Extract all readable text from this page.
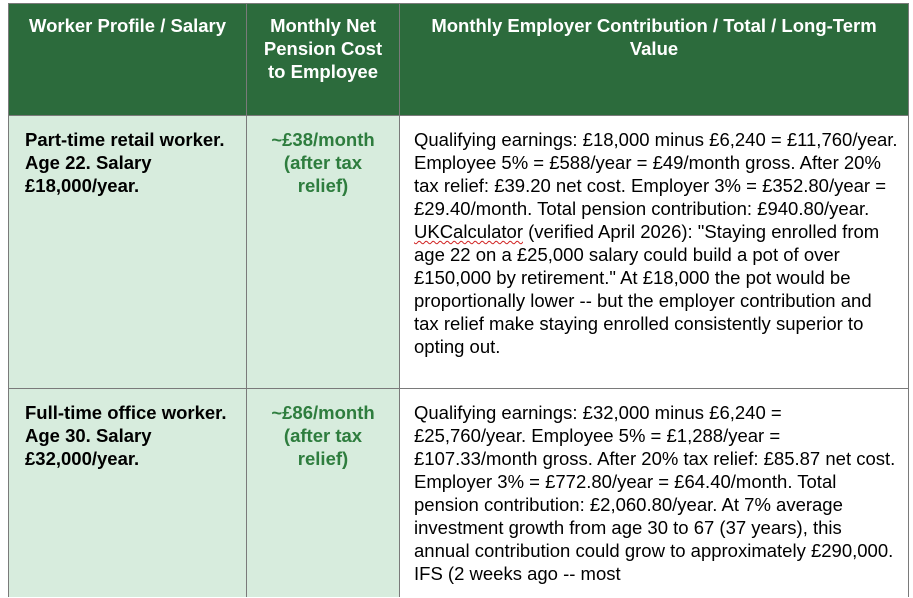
Worker Profile / Salary	Monthly Net Pension Cost to Employee	Monthly Employer Contribution / Total / Long-Term Value

Part-time retail worker. Age 22. Salary £18,000/year.	~£38/month (after tax relief)	Qualifying earnings: £18,000 minus £6,240 = £11,760/year. Employee 5% = £588/year = £49/month gross. After 20% tax relief: £39.20 net cost. Employer 3% = £352.80/year = £29.40/month. Total pension contribution: £940.80/year. UKCalculator (verified April 2026): "Staying enrolled from age 22 on a £25,000 salary could build a pot of over £150,000 by retirement." At £18,000 the pot would be proportionally lower -- but the employer contribution and tax relief make staying enrolled consistently superior to opting out.
Full-time office worker. Age 30. Salary £32,000/year.	~£86/month (after tax relief)	Qualifying earnings: £32,000 minus £6,240 = £25,760/year. Employee 5% = £1,288/year = £107.33/month gross. After 20% tax relief: £85.87 net cost. Employer 3% = £772.80/year = £64.40/month. Total pension contribution: £2,060.80/year. At 7% average investment growth from age 30 to 67 (37 years), this annual contribution could grow to approximately £290,000. IFS (2 weeks ago -- most
